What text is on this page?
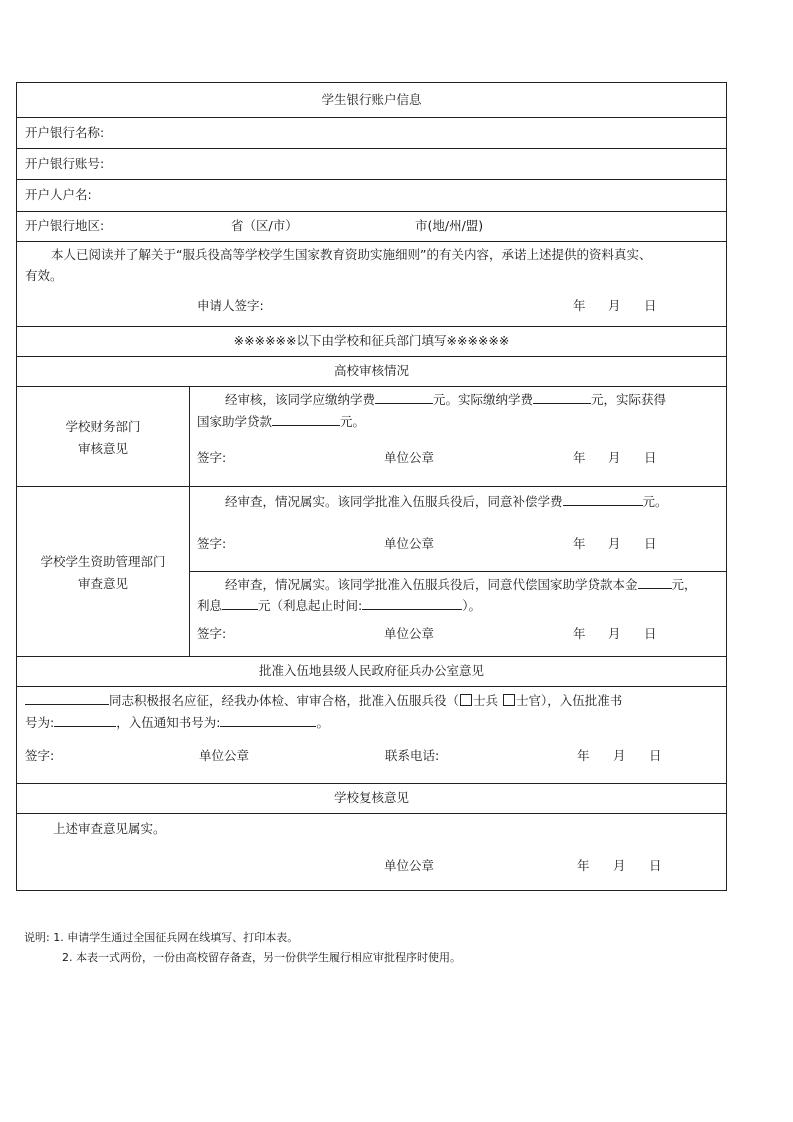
学生银行账户信息
开户银行名称:
开户银行账号:
开户人户名:
开户银行地区:	省（区/市）	市(地/州/盟)
本人已阅读并了解关于“服兵役高等学校学生国家教育资助实施细则”的有关内容，承诺上述提供的资料真实、
有效。
申请人签字:	年 月 日
※※※※※※以下由学校和征兵部门填写※※※※※※
高校审核情况
学校财务部门
审核意见
经审核，该同学应缴纳学费	元。实际缴纳学费	元，实际获得
国家助学贷款	元。
签字:	单位公章	年 月 日
学校学生资助管理部门
审查意见
经审查，情况属实。该同学批准入伍服兵役后，同意补偿学费	元。
签字:	单位公章	年 月 日
经审查，情况属实。该同学批准入伍服兵役后，同意代偿国家助学贷款本金	元，
利息	元（利息起止时间:	）。
签字:	单位公章	年 月 日
批准入伍地县级人民政府征兵办公室意见
同志积极报名应征，经我办体检、审审合格，批准入伍服兵役（ 士兵 士官），入伍批准书
号为:	，入伍通知书号为:	。
签字:	单位公章	联系电话:	年 月 日
学校复核意见
上述审查意见属实。
单位公章	年 月 日
说明: 1. 申请学生通过全国征兵网在线填写、打印本表。
2. 本表一式两份，一份由高校留存备查，另一份供学生履行相应审批程序时使用。
